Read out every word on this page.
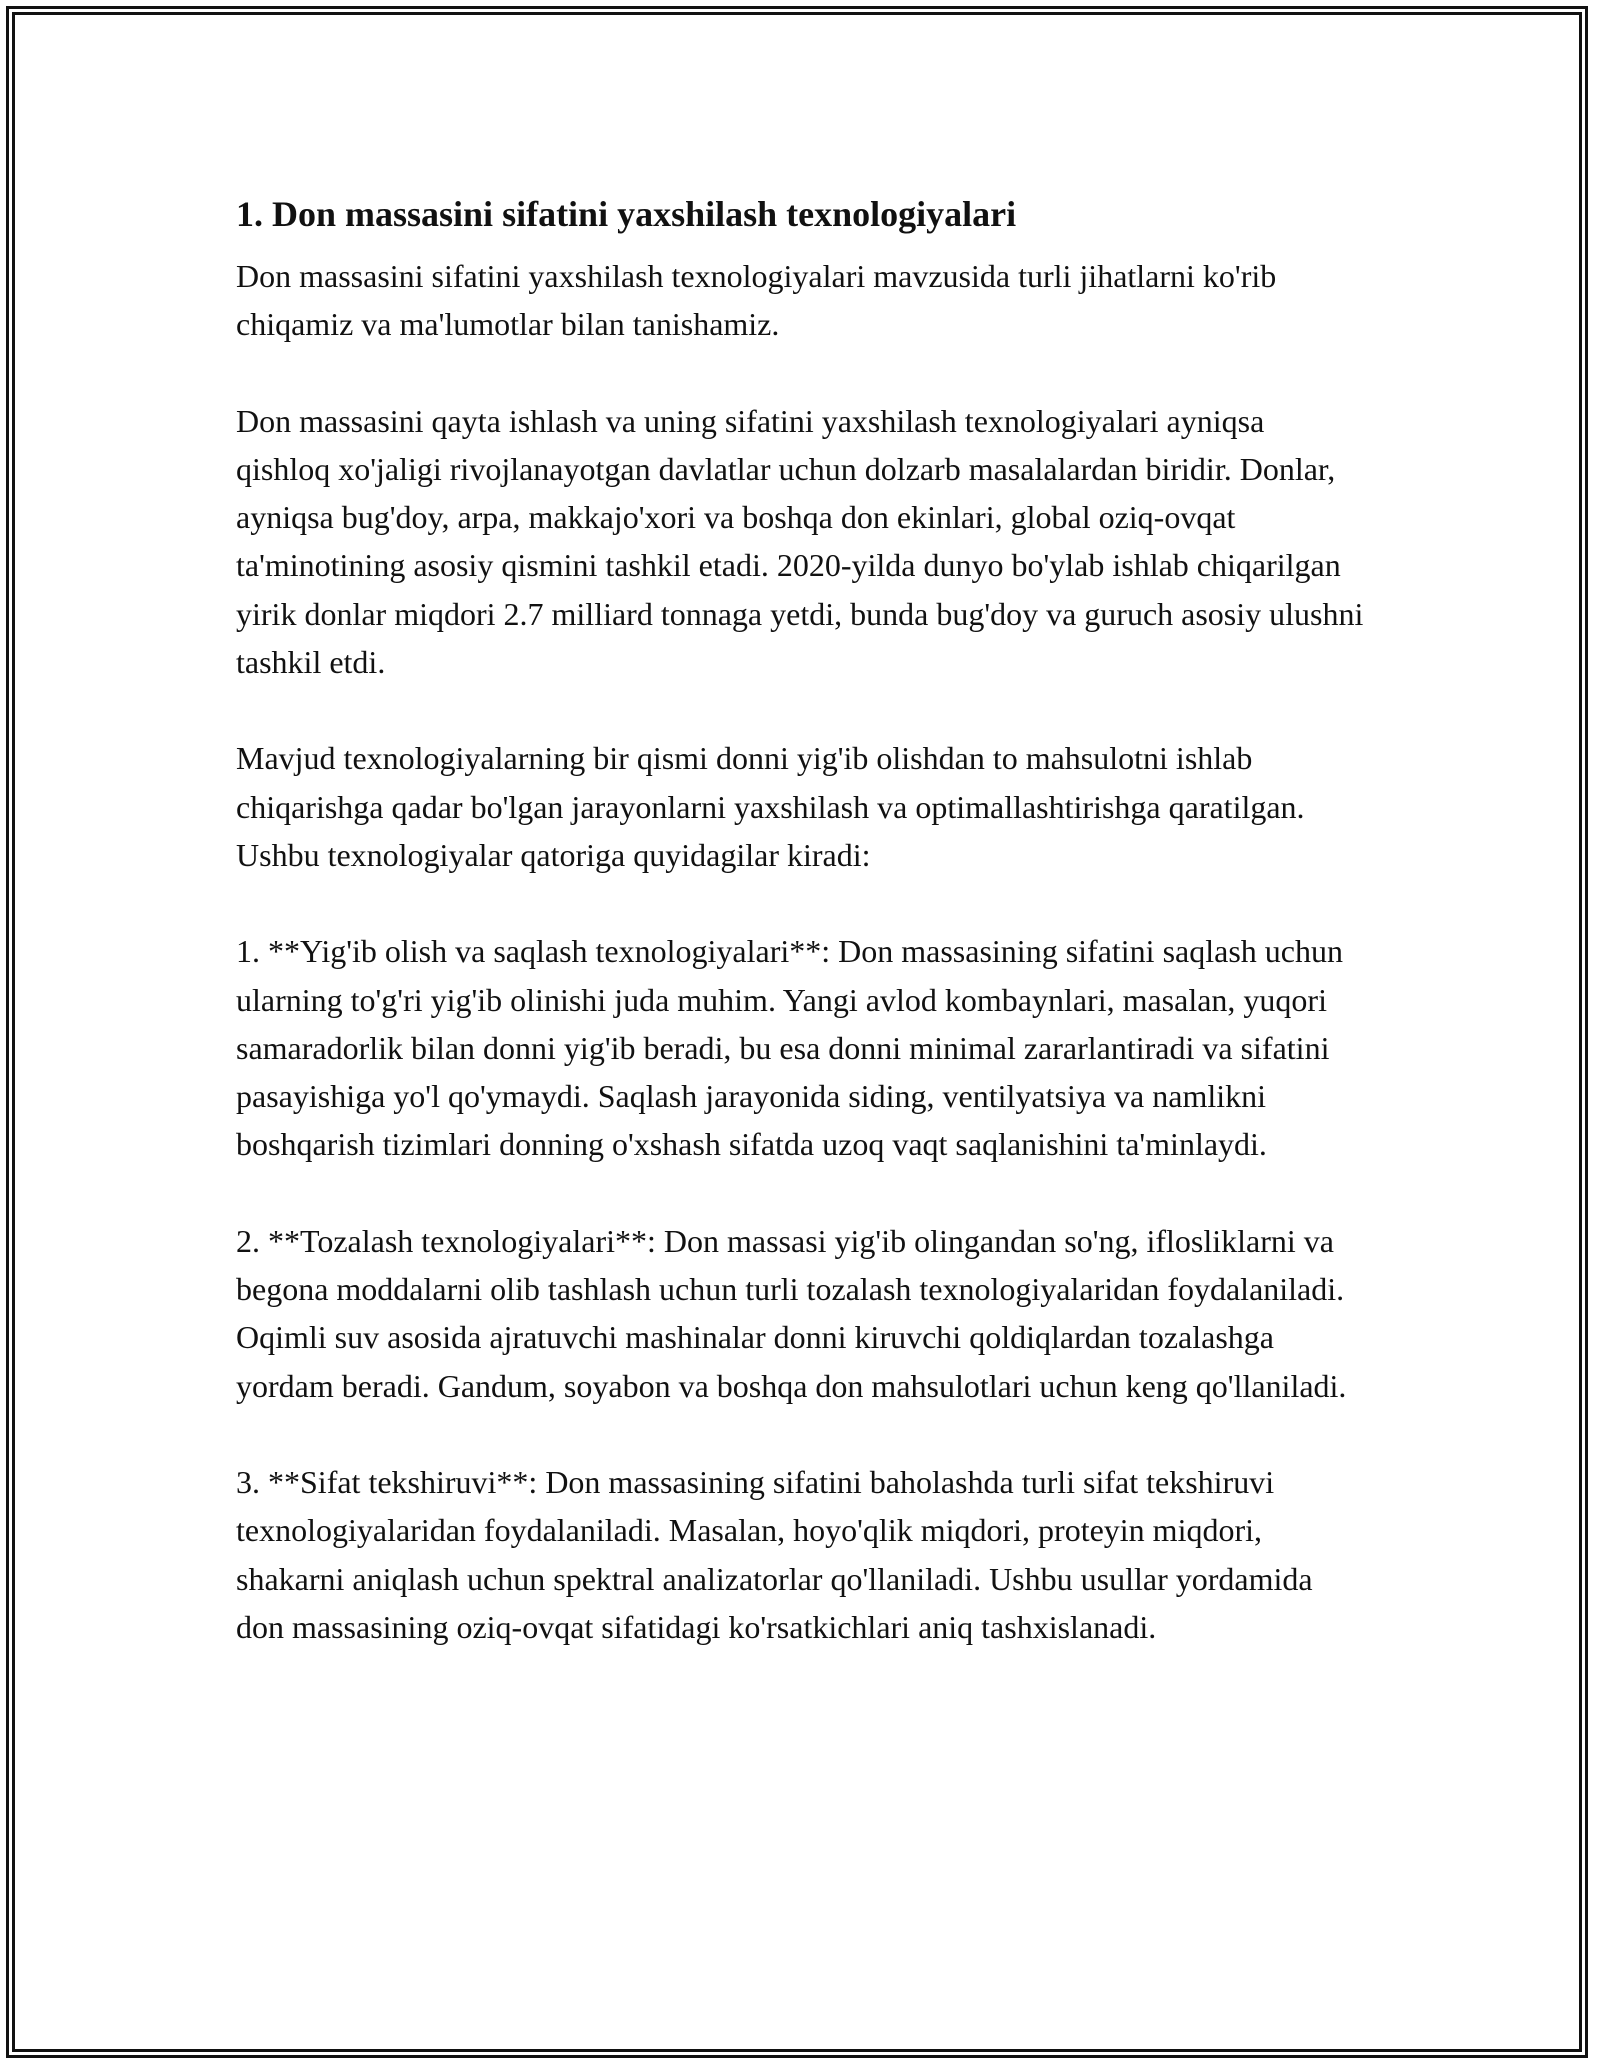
1. Don massasini sifatini yaxshilash texnologiyalari

Don massasini sifatini yaxshilash texnologiyalari mavzusida turli jihatlarni ko'rib chiqamiz va ma'lumotlar bilan tanishamiz.

Don massasini qayta ishlash va uning sifatini yaxshilash texnologiyalari ayniqsa qishloq xo'jaligi rivojlanayotgan davlatlar uchun dolzarb masalalardan biridir. Donlar, ayniqsa bug'doy, arpa, makkajo'xori va boshqa don ekinlari, global oziq-ovqat ta'minotining asosiy qismini tashkil etadi. 2020-yilda dunyo bo'ylab ishlab chiqarilgan yirik donlar miqdori 2.7 milliard tonnaga yetdi, bunda bug'doy va guruch asosiy ulushni tashkil etdi.

Mavjud texnologiyalarning bir qismi donni yig'ib olishdan to mahsulotni ishlab chiqarishga qadar bo'lgan jarayonlarni yaxshilash va optimallashtirishga qaratilgan. Ushbu texnologiyalar qatoriga quyidagilar kiradi:

1. **Yig'ib olish va saqlash texnologiyalari**: Don massasining sifatini saqlash uchun ularning to'g'ri yig'ib olinishi juda muhim. Yangi avlod kombaynlari, masalan, yuqori samaradorlik bilan donni yig'ib beradi, bu esa donni minimal zararlantiradi va sifatini pasayishiga yo'l qo'ymaydi. Saqlash jarayonida siding, ventilyatsiya va namlikni boshqarish tizimlari donning o'xshash sifatda uzoq vaqt saqlanishini ta'minlaydi.

2. **Tozalash texnologiyalari**: Don massasi yig'ib olingandan so'ng, iflosliklarni va begona moddalarni olib tashlash uchun turli tozalash texnologiyalaridan foydalaniladi. Oqimli suv asosida ajratuvchi mashinalar donni kiruvchi qoldiqlardan tozalashga yordam beradi. Gandum, soyabon va boshqa don mahsulotlari uchun keng qo'llaniladi.

3. **Sifat tekshiruvi**: Don massasining sifatini baholashda turli sifat tekshiruvi texnologiyalaridan foydalaniladi. Masalan, hoyo'qlik miqdori, proteyin miqdori, shakarni aniqlash uchun spektral analizatorlar qo'llaniladi. Ushbu usullar yordamida don massasining oziq-ovqat sifatidagi ko'rsatkichlari aniq tashxislanadi.
